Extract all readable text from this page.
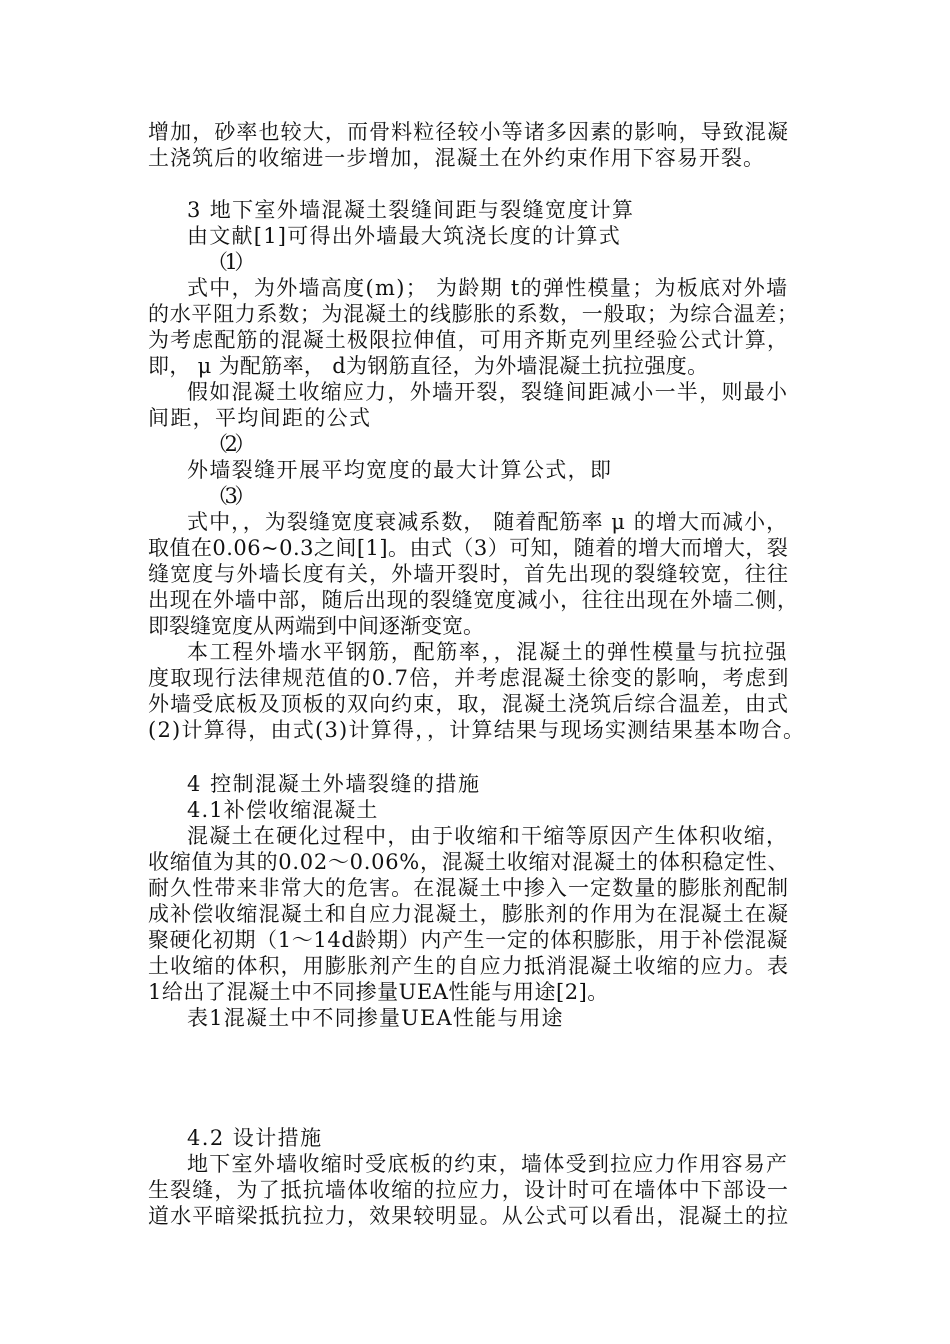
增加，砂率也较大，而骨料粒径较小等诸多因素的影响，导致混凝
土浇筑后的收缩进一步增加，混凝土在外约束作用下容易开裂。
3 地下室外墙混凝土裂缝间距与裂缝宽度计算
由文献[1]可得出外墙最大筑浇长度的计算式
（1）
式中，为外墙高度(m)； 为龄期 t的弹性模量；为板底对外墙
的水平阻力系数；为混凝土的线膨胀的系数，一般取；为综合温差；
为考虑配筋的混凝土极限拉伸值，可用齐斯克列里经验公式计算，
即， μ 为配筋率， d为钢筋直径，为外墙混凝土抗拉强度。
假如混凝土收缩应力，外墙开裂，裂缝间距减小一半，则最小
间距，平均间距的公式
（2）
外墙裂缝开展平均宽度的最大计算公式，即
（3）
式中，，为裂缝宽度衰减系数， 随着配筋率 μ 的增大而减小，
取值在0.06~0.3之间[1]。由式（3）可知，随着的增大而增大，裂
缝宽度与外墙长度有关，外墙开裂时，首先出现的裂缝较宽，往往
出现在外墙中部，随后出现的裂缝宽度减小，往往出现在外墙二侧，
即裂缝宽度从两端到中间逐渐变宽。
本工程外墙水平钢筋，配筋率，，混凝土的弹性模量与抗拉强
度取现行法律规范值的0.7倍，并考虑混凝土徐变的影响，考虑到
外墙受底板及顶板的双向约束，取，混凝土浇筑后综合温差，由式
(2)计算得，由式(3)计算得，，计算结果与现场实测结果基本吻合。
4 控制混凝土外墙裂缝的措施
4.1补偿收缩混凝土
混凝土在硬化过程中，由于收缩和干缩等原因产生体积收缩，
收缩值为其的0.02～0.06%，混凝土收缩对混凝土的体积稳定性、
耐久性带来非常大的危害。在混凝土中掺入一定数量的膨胀剂配制
成补偿收缩混凝土和自应力混凝土，膨胀剂的作用为在混凝土在凝
聚硬化初期（1～14d龄期）内产生一定的体积膨胀，用于补偿混凝
土收缩的体积，用膨胀剂产生的自应力抵消混凝土收缩的应力。表
1给出了混凝土中不同掺量UEA性能与用途[2]。
表1混凝土中不同掺量UEA性能与用途
4.2 设计措施
地下室外墙收缩时受底板的约束，墙体受到拉应力作用容易产
生裂缝，为了抵抗墙体收缩的拉应力，设计时可在墙体中下部设一
道水平暗梁抵抗拉力，效果较明显。从公式可以看出，混凝土的拉
